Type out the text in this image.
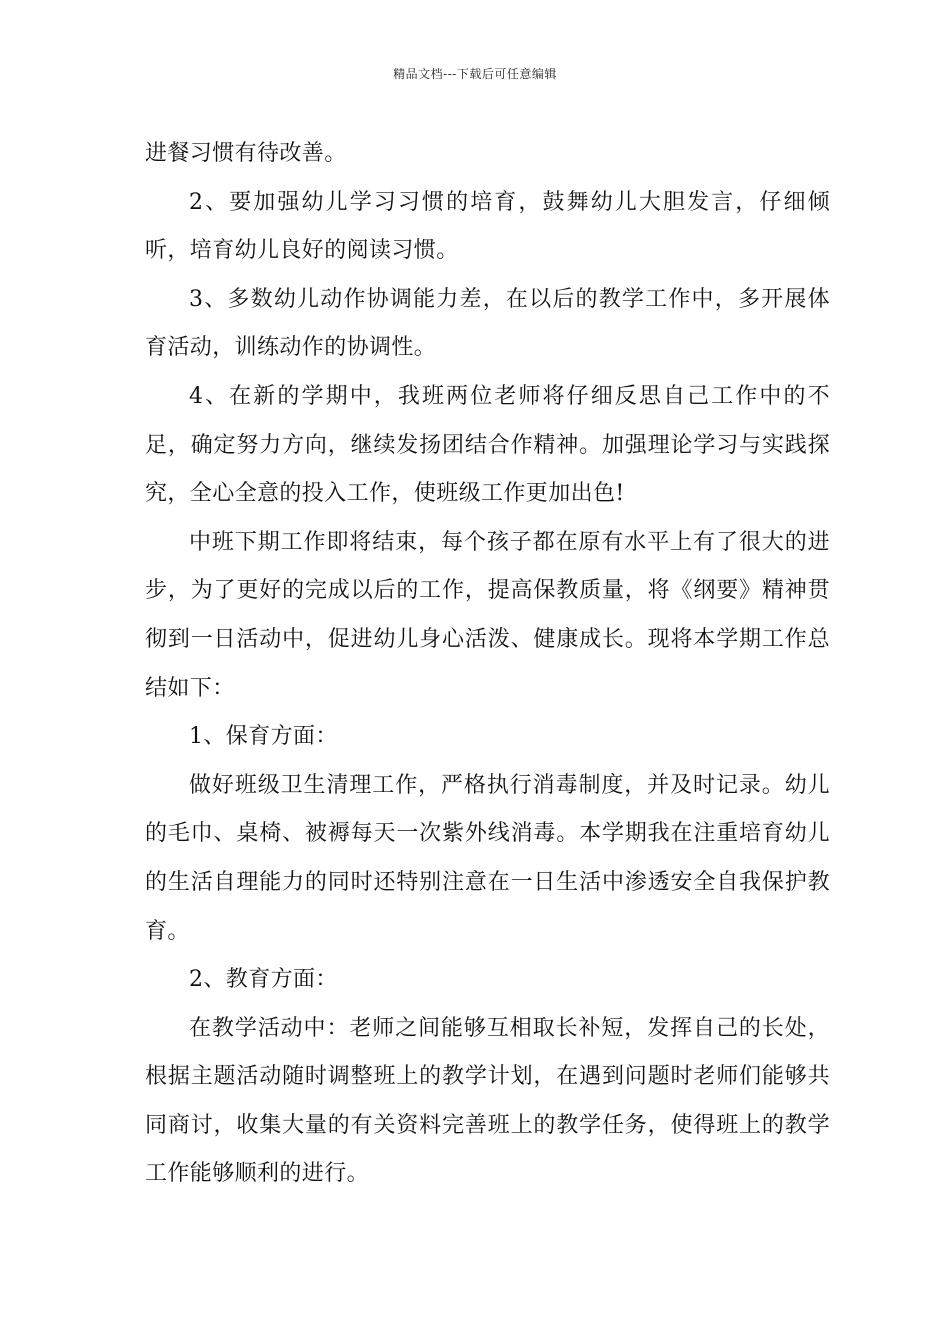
精品文档---下载后可任意编辑

进餐习惯有待改善。

2、要加强幼儿学习习惯的培育，鼓舞幼儿大胆发言，仔细倾听，培育幼儿良好的阅读习惯。

3、多数幼儿动作协调能力差，在以后的教学工作中，多开展体育活动，训练动作的协调性。

4、在新的学期中，我班两位老师将仔细反思自己工作中的不足，确定努力方向，继续发扬团结合作精神。加强理论学习与实践探究，全心全意的投入工作，使班级工作更加出色!

中班下期工作即将结束，每个孩子都在原有水平上有了很大的进步，为了更好的完成以后的工作，提高保教质量，将《纲要》精神贯彻到一日活动中，促进幼儿身心活泼、健康成长。现将本学期工作总结如下：

1、保育方面：

做好班级卫生清理工作，严格执行消毒制度，并及时记录。幼儿的毛巾、桌椅、被褥每天一次紫外线消毒。本学期我在注重培育幼儿的生活自理能力的同时还特别注意在一日生活中渗透安全自我保护教育。

2、教育方面：

在教学活动中：老师之间能够互相取长补短，发挥自己的长处，根据主题活动随时调整班上的教学计划，在遇到问题时老师们能够共同商讨，收集大量的有关资料完善班上的教学任务，使得班上的教学工作能够顺利的进行。
